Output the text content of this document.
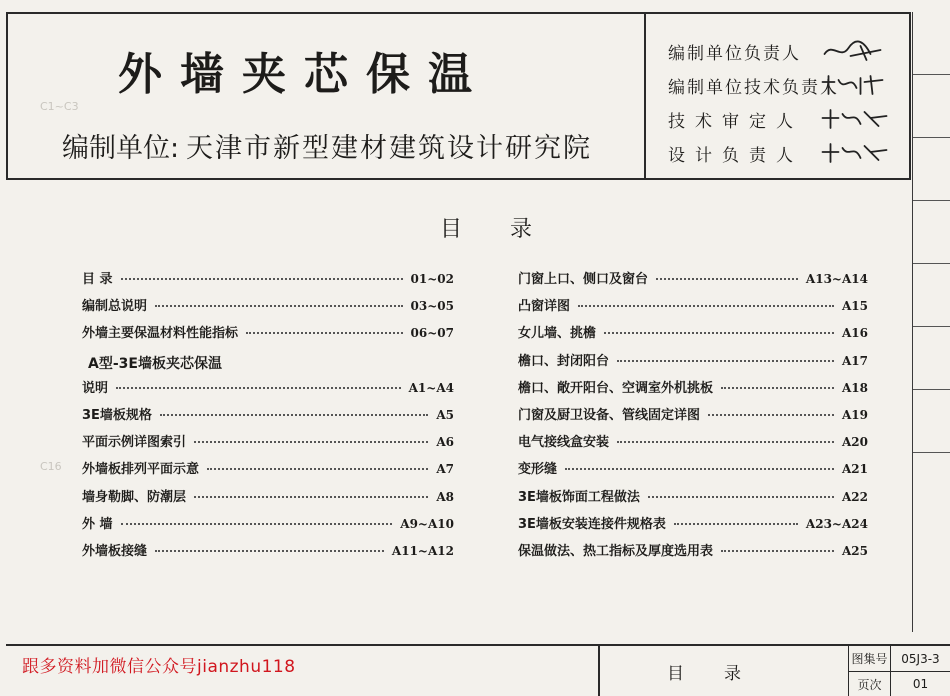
C1~C3
C16
外墙夹芯保温
编制单位: 天津市新型建材建筑设计研究院
编制单位负责人
编制单位技术负责人
技术审定人
设计负责人
目录
目 录	01~02
编制总说明	03~05
外墙主要保温材料性能指标	06~07
A型-3E墙板夹芯保温
说明	A1~A4
3E墙板规格	A5
平面示例详图索引	A6
外墙板排列平面示意	A7
墙身勒脚、防潮层	A8
外 墙	A9~A10
外墙板接缝	A11~A12
门窗上口、侧口及窗台	A13~A14
凸窗详图	A15
女儿墙、挑檐	A16
檐口、封闭阳台	A17
檐口、敞开阳台、空调室外机挑板	A18
门窗及厨卫设备、管线固定详图	A19
电气接线盒安装	A20
变形缝	A21
3E墙板饰面工程做法	A22
3E墙板安装连接件规格表	A23~A24
保温做法、热工指标及厚度选用表	A25
目录
图集号	05J3-3
页次	01
跟多资料加微信公众号jianzhu118
